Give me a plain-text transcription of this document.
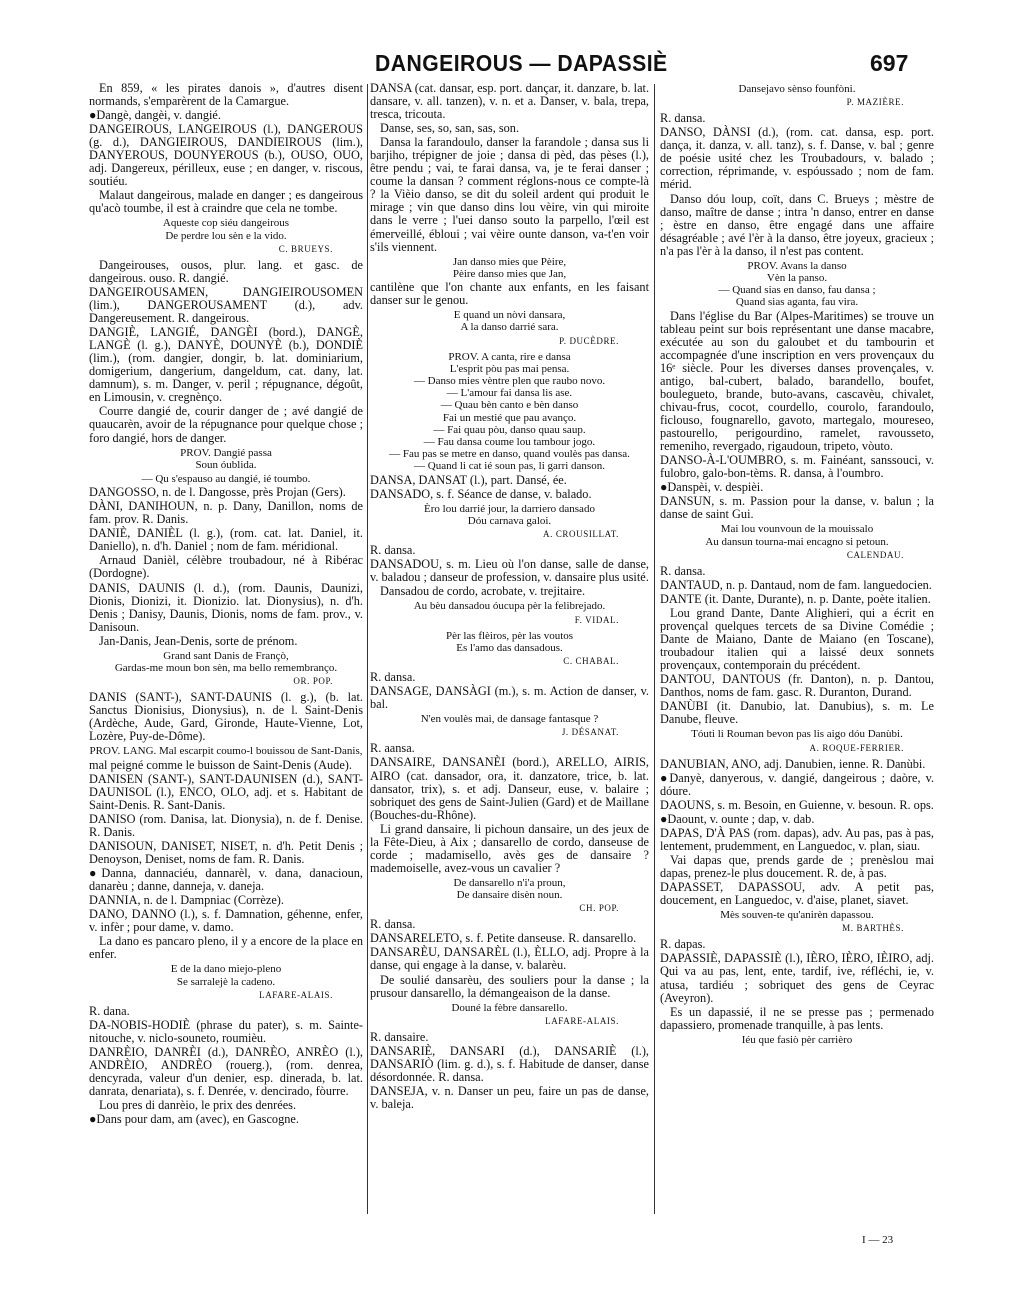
DANGEIROUS — DAPASSIÈ	697
En 859, « les pirates danois », d'autres disent normands, s'emparèrent de la Camargue.
●Dangè, dangèi, v. dangié.
DANGEIROUS, LANGEIROUS (l.), DANGEROUS (g. d.), DANGIEIROUS, DANDIEIROUS (lim.), DANYEROUS, DOUNYEROUS (b.), OUSO, OUO, adj. Dangereux, périlleux, euse ; en danger, v. riscous, soutiéu.
Malaut dangeirous, malade en danger ; es dangeirous qu'acò toumbe, il est à craindre que cela ne tombe.
Aqueste cop siéu dangeirous
De perdre lou sèn e la vido.
C. BRUEYS.
Dangeirouses, ousos, plur. lang. et gasc. de dangeirous. ouso. R. dangié.
DANGEIROUSAMEN, DANGIEIROUSOMEN (lim.), DANGEROUSAMENT (d.), adv. Dangereusement. R. dangeirous.
DANGIÈ, LANGIÉ, DANGÈI (bord.), DANGÈ, LANGÈ (l. g.), DANYÈ, DOUNYÈ (b.), DONDIÈ (lim.), (rom. dangier, dongir, b. lat. dominiarium, domigerium, dangerium, dangeldum, cat. dany, lat. damnum), s. m. Danger, v. peril ; répugnance, dégoût, en Limousin, v. cregnènço.
Courre dangié de, courir danger de ; avé dangié de quaucarèn, avoir de la répugnance pour quelque chose ; foro dangié, hors de danger.
PROV. Dangié passa
Soun óublida.
— Qu s'espauso au dangié, ié toumbo.
DANGOSSO, n. de l. Dangosse, près Projan (Gers).
DÀNI, DANIHOUN, n. p. Dany, Danillon, noms de fam. prov. R. Danis.
DANIÈ, DANIÈL (l. g.), (rom. cat. lat. Daniel, it. Daniello), n. d'h. Daniel ; nom de fam. méridional.
Arnaud Danièl, célèbre troubadour, né à Ribérac (Dordogne).
DANIS, DAUNIS (l. d.), (rom. Daunis, Daunizi, Dionis, Dionizi, it. Dionizio. lat. Dionysius), n. d'h. Denis ; Danisy, Daunis, Dionis, noms de fam. prov., v. Danisoun.
Jan-Danis, Jean-Denis, sorte de prénom.
Grand sant Danis de Françò,
Gardas-me moun bon sèn, ma bello remembranço.
OR. POP.
DANIS (SANT-), SANT-DAUNIS (l. g.), (b. lat. Sanctus Dionisius, Dionysius), n. de l. Saint-Denis (Ardèche, Aude, Gard, Gironde, Haute-Vienne, Lot, Lozère, Puy-de-Dôme).
PROV. LANG. Mal escarpit coumo-l bouissou de Sant-Danis,
mal peigné comme le buisson de Saint-Denis (Aude).
DANISEN (SANT-), SANT-DAUNISEN (d.), SANT-DAUNISOL (l.), ENCO, OLO, adj. et s. Habitant de Saint-Denis. R. Sant-Danis.
DANISO (rom. Danisa, lat. Dionysia), n. de f. Denise. R. Danis.
DANISOUN, DANISET, NISET, n. d'h. Petit Denis ; Denoyson, Deniset, noms de fam. R. Danis.
●Danna, dannaciéu, dannarèl, v. dana, danacioun, danarèu ; danne, danneja, v. daneja.
DANNIA, n. de l. Dampniac (Corrèze).
DANO, DANNO (l.), s. f. Damnation, géhenne, enfer, v. infèr ; pour dame, v. damo.
La dano es pancaro pleno, il y a encore de la place en enfer.
E de la dano miejo-pleno
Se sarralejè la cadeno.
LAFARE-ALAIS.
R. dana.
DA-NOBIS-HODIÈ (phrase du pater), s. m. Sainte-nitouche, v. niclo-souneto, roumièu.
DANRÈIO, DANRÈI (d.), DANRÈO, ANRÈO (l.), ANDRÈIO, ANDRÈO (rouerg.), (rom. denrea, dencyrada, valeur d'un denier, esp. dinerada, b. lat. danrata, denariata), s. f. Denrée, v. dencirado, fòurre.
Lou pres di danrèio, le prix des denrées.
●Dans pour dam, am (avec), en Gascogne.
DANSA (cat. dansar, esp. port. dançar, it. danzare, b. lat. dansare, v. all. tanzen), v. n. et a. Danser, v. bala, trepa, tresca, tricouta.
Danse, ses, so, san, sas, son.
Dansa la farandoulo, danser la farandole ; dansa sus li barjiho, trépigner de joie ; dansa di pèd, das pèses (l.), être pendu ; vai, te farai dansa, va, je te ferai danser ; coume la dansan ? comment réglons-nous ce compte-là ? la Vièio danso, se dit du soleil ardent qui produit le mirage ; vin que danso dins lou vèire, vin qui miroite dans le verre ; l'uei danso souto la parpello, l'œil est émerveillé, ébloui ; vai vèire ounte danson, va-t'en voir s'ils viennent.
Jan danso mies que Pèire,
Pèire danso mies que Jan,
cantilène que l'on chante aux enfants, en les faisant danser sur le genou.
E quand un nòvi dansara,
A la danso darrié sara.
P. DUCÈDRE.
PROV. A canta, rire e dansa
L'esprit pòu pas mai pensa.
— Danso mies vèntre plen que raubo novo.
— L'amour fai dansa lis ase.
— Quau bèn canto e bèn danso
Fai un mestié que pau avanço.
— Fai quau pòu, danso quau saup.
— Fau dansa coume lou tambour jogo.
— Fau pas se metre en danso, quand voulès pas dansa.
— Quand li cat ié soun pas, li garri danson.
DANSA, DANSAT (l.), part. Dansé, ée.
DANSADO, s. f. Séance de danse, v. balado.
Èro lou darrié jour, la darriero dansado
Dóu carnava galoi.
A. CROUSILLAT.
R. dansa.
DANSADOU, s. m. Lieu où l'on danse, salle de danse, v. baladou ; danseur de profession, v. dansaire plus usité.
Dansadou de cordo, acrobate, v. trejitaire.
Au bèu dansadou óucupa pèr la felibrejado.
F. VIDAL.
Pèr las flèiros, pèr las voutos
Es l'amo das dansadous.
C. CHABAL.
R. dansa.
DANSAGE, DANSÀGI (m.), s. m. Action de danser, v. bal.
N'en voulès mai, de dansage fantasque ?
J. DÉSANAT.
R. aansa.
DANSAIRE, DANSANÈI (bord.), ARELLO, AIRIS, AIRO (cat. dansador, ora, it. danzatore, trice, b. lat. dansator, trix), s. et adj. Danseur, euse, v. balaire ; sobriquet des gens de Saint-Julien (Gard) et de Maillane (Bouches-du-Rhône).
Li grand dansaire, li pichoun dansaire, un des jeux de la Fête-Dieu, à Aix ; dansarello de cordo, danseuse de corde ; madamisello, avès ges de dansaire ? mademoiselle, avez-vous un cavalier ?
De dansarello n'i'a proun,
De dansaire disèn noun.
CH. POP.
R. dansa.
DANSARELETO, s. f. Petite danseuse. R. dansarello.
DANSARÈU, DANSARÈL (l.), ÈLLO, adj. Propre à la danse, qui engage à la danse, v. balarèu.
De soulié dansarèu, des souliers pour la danse ; la prusour dansarello, la démangeaison de la danse.
Douné la fèbre dansarello.
LAFARE-ALAIS.
R. dansaire.
DANSARIÈ, DANSARI (d.), DANSARIÈ (l.), DANSARIÒ (lim. g. d.), s. f. Habitude de danser, danse désordonnée. R. dansa.
DANSEJA, v. n. Danser un peu, faire un pas de danse, v. baleja.
Dansejavo sènso founfòni.
P. MAZIÈRE.
R. dansa.
DANSO, DÀNSI (d.), (rom. cat. dansa, esp. port. dança, it. danza, v. all. tanz), s. f. Danse, v. bal ; genre de poésie usité chez les Troubadours, v. balado ; correction, réprimande, v. espóussado ; nom de fam. mérid.
Danso dóu loup, coït, dans C. Brueys ; mèstre de danso, maître de danse ; intra 'n danso, entrer en danse ; èstre en danso, être engagé dans une affaire désagréable ; avé l'èr à la danso, être joyeux, gracieux ; n'a pas l'èr à la danso, il n'est pas content.
PROV. Avans la danso
Vèn la panso.
— Quand sias en danso, fau dansa ;
Quand sias aganta, fau vira.
Dans l'église du Bar (Alpes-Maritimes) se trouve un tableau peint sur bois représentant une danse macabre, exécutée au son du galoubet et du tambourin et accompagnée d'une inscription en vers provençaux du 16ᵉ siècle. Pour les diverses danses provençales, v. antigo, bal-cubert, balado, barandello, boufet, boulegueto, brande, buto-avans, cascavèu, chivalet, chivau-frus, cocot, courdello, courolo, farandoulo, ficlouso, fougnarello, gavoto, martegalo, moureseo, pastourello, perigourdino, ramelet, ravousseto, remeniho, revergado, rigaudoun, tripeto, vòuto.
DANSO-À-L'OUMBRO, s. m. Fainéant, sanssouci, v. fulobro, galo-bon-tèms. R. dansa, à l'oumbro.
●Danspèi, v. despièi.
DANSUN, s. m. Passion pour la danse, v. balun ; la danse de saint Gui.
Mai lou vounvoun de la mouissalo
Au dansun tourna-mai encagno si petoun.
CALENDAU.
R. dansa.
DANTAUD, n. p. Dantaud, nom de fam. languedocien.
DANTE (it. Dante, Durante), n. p. Dante, poète italien.
Lou grand Dante, Dante Alighieri, qui a écrit en provençal quelques tercets de sa Divine Comédie ; Dante de Maiano, Dante de Maiano (en Toscane), troubadour italien qui a laissé deux sonnets provençaux, contemporain du précédent.
DANTOU, DANTOUS (fr. Danton), n. p. Dantou, Danthos, noms de fam. gasc. R. Duranton, Durand.
DANÙBI (it. Danubio, lat. Danubius), s. m. Le Danube, fleuve.
Tóuti li Rouman bevon pas lis aigo dóu Danùbi.
A. ROQUE-FERRIER.
DANUBIAN, ANO, adj. Danubien, ienne. R. Danùbi.
●Danyè, danyerous, v. dangié, dangeirous ; daòre, v. dóure.
DAOUNS, s. m. Besoin, en Guienne, v. besoun. R. ops.
●Daount, v. ounte ; dap, v. dab.
DAPAS, D'À PAS (rom. dapas), adv. Au pas, pas à pas, lentement, prudemment, en Languedoc, v. plan, siau.
Vai dapas que, prends garde de ; prenèslou mai dapas, prenez-le plus doucement. R. de, à pas.
DAPASSET, DAPASSOU, adv. A petit pas, doucement, en Languedoc, v. d'aise, planet, siavet.
Mès souven-te qu'anirèn dapassou.
M. BARTHÈS.
R. dapas.
DAPASSIÈ, DAPASSIÈ (l.), IÈRO, IÈRO, IÈIRO, adj. Qui va au pas, lent, ente, tardif, ive, réfléchi, ie, v. atusa, tardiéu ; sobriquet des gens de Ceyrac (Aveyron).
Es un dapassié, il ne se presse pas ; permenado dapassiero, promenade tranquille, à pas lents.
Iéu que fasiò pèr carrièro
I — 23
